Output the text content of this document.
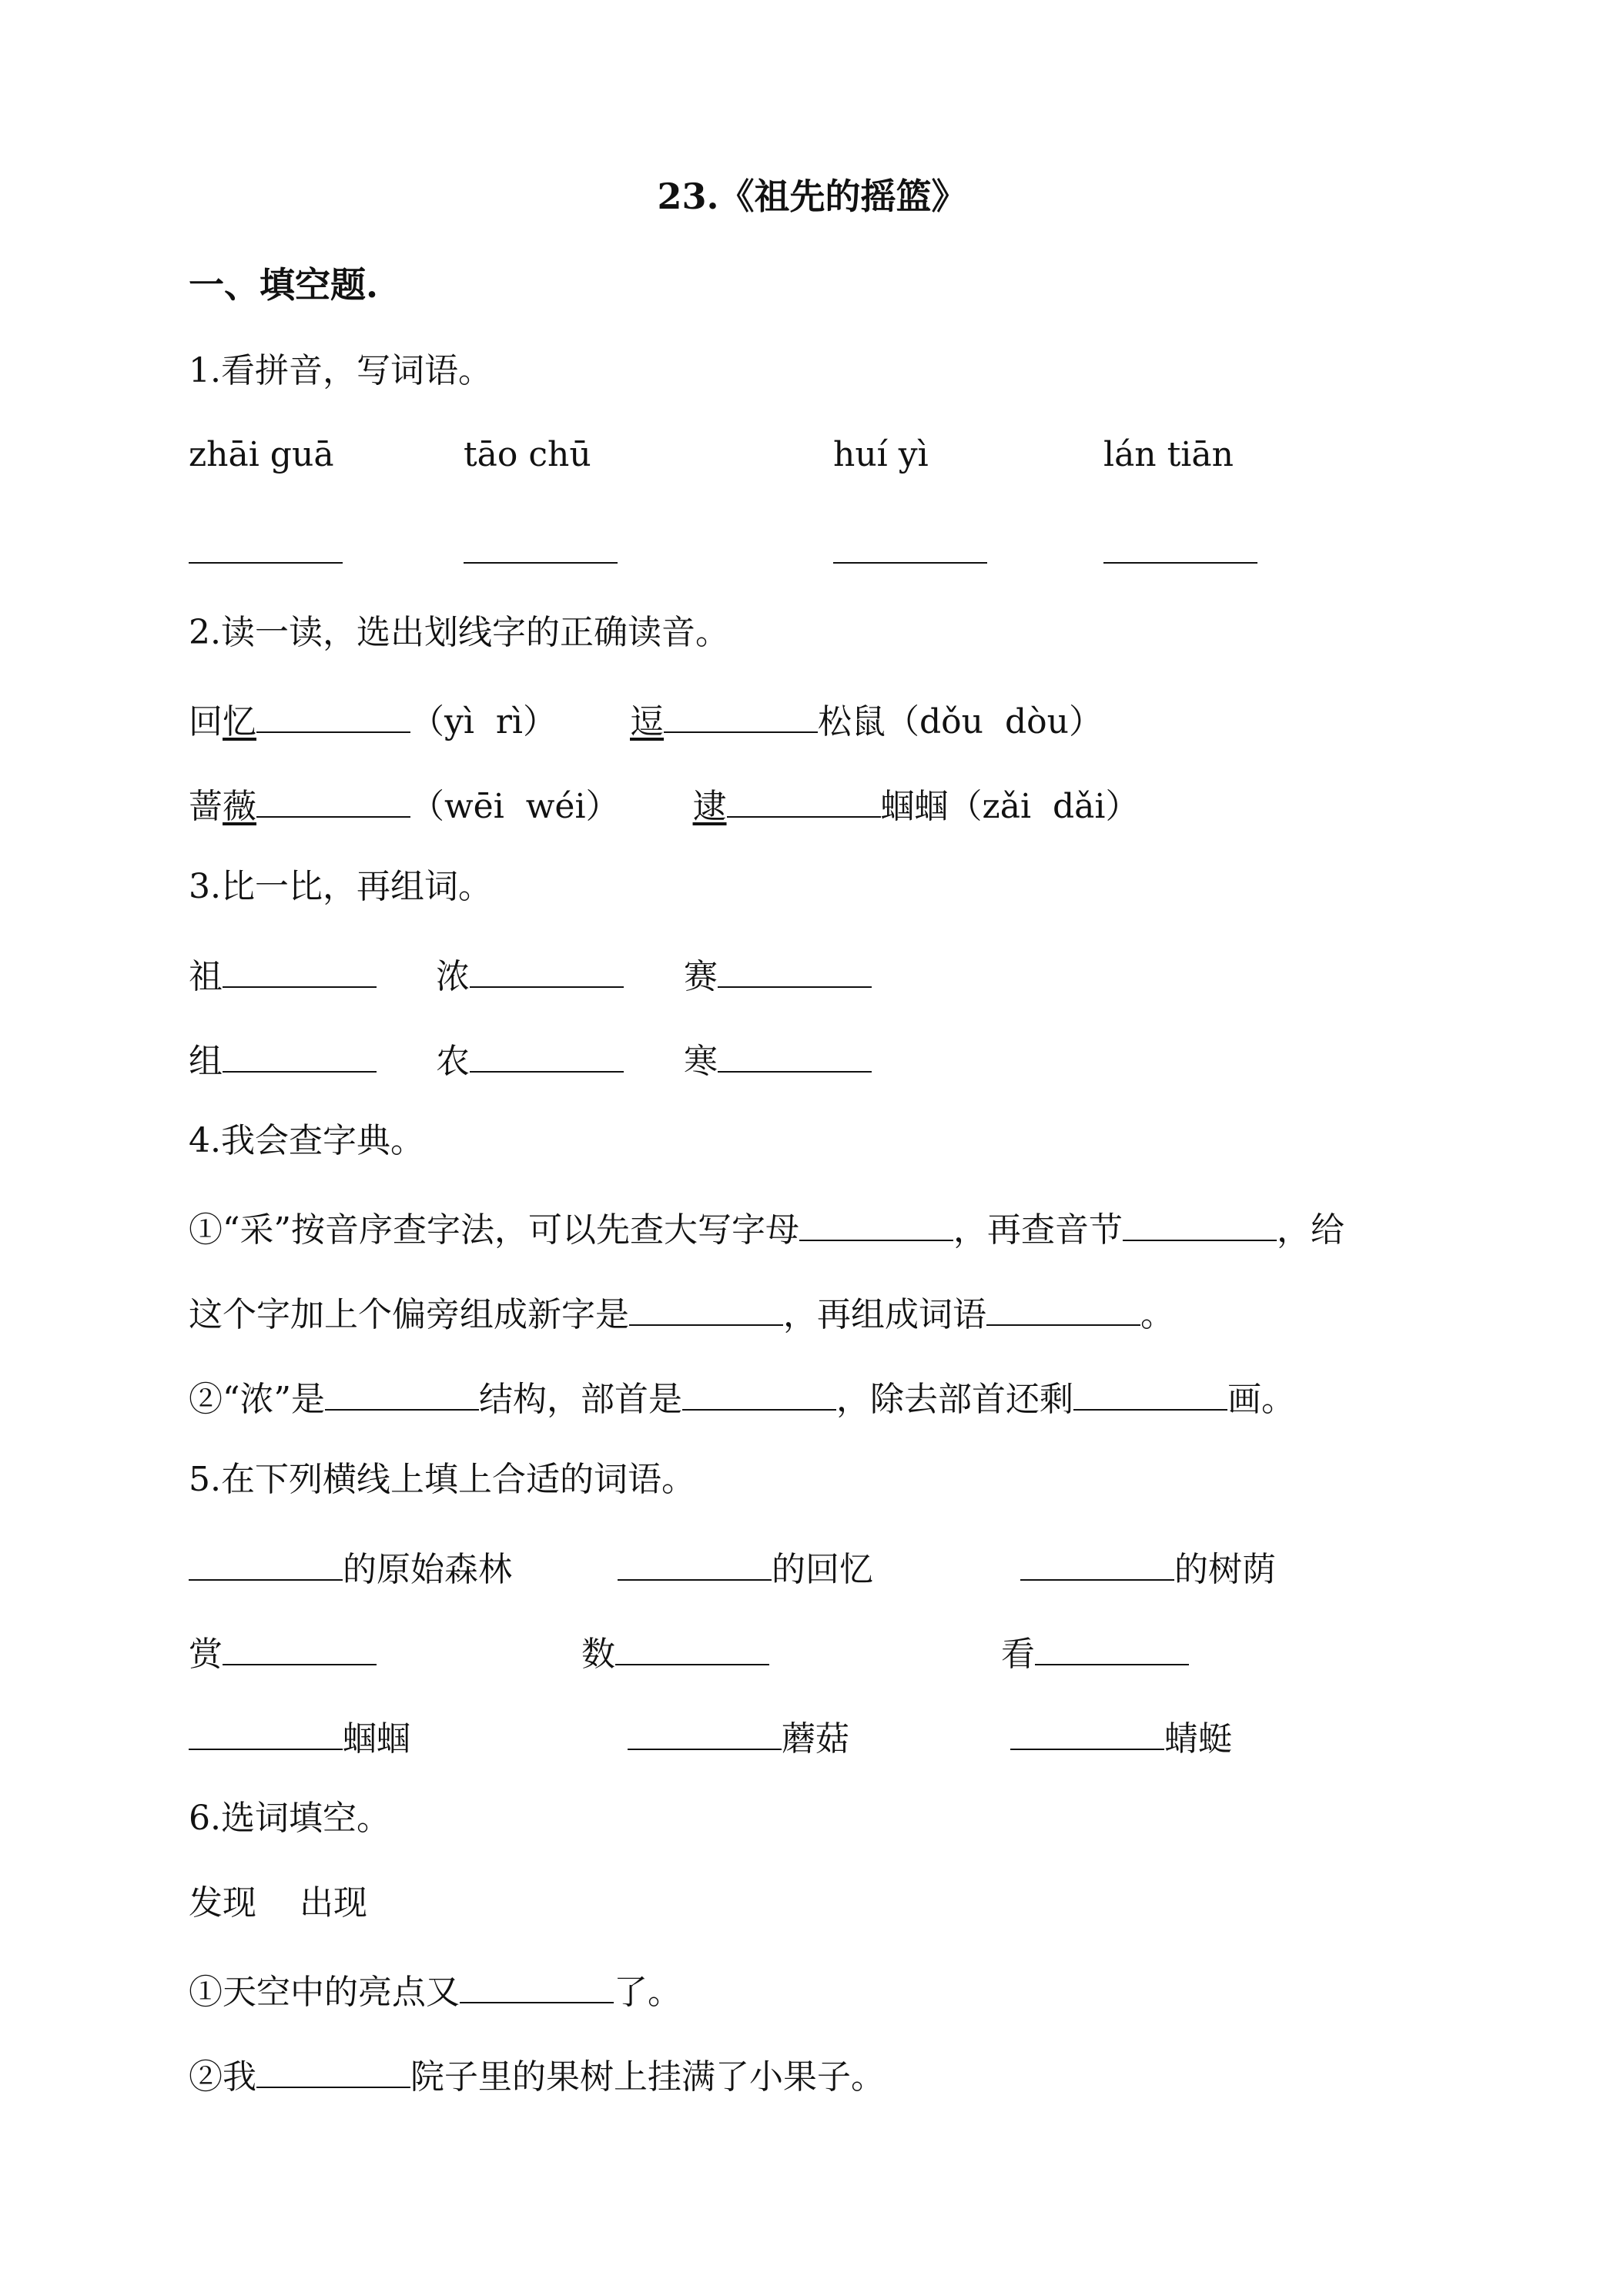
23.《祖先的摇篮》
一、填空题.
1.看拼音，写词语。
zhāi guā	tāo chū	huí yì	lán tiān
2.读一读，选出划线字的正确读音。
回忆	（yì  rì） 逗	松鼠（dǒu  dòu）
蔷薇	（wēi  wéi） 逮	蝈蝈（zǎi  dǎi）
3.比一比，再组词。
祖	浓	赛
组	农	寒
4.我会查字典。
①“采”按音序查字法，可以先查大写字母	，再查音节	，给
这个字加上个偏旁组成新字是	，再组成词语	。
②“浓”是	结构，部首是	，除去部首还剩	画。
5.在下列横线上填上合适的词语。
的原始森林	的回忆	的树荫
赏	数	看
蝈蝈	蘑菇	蜻蜓
6.选词填空。
发现    出现
①天空中的亮点又	了。
②我	院子里的果树上挂满了小果子。
